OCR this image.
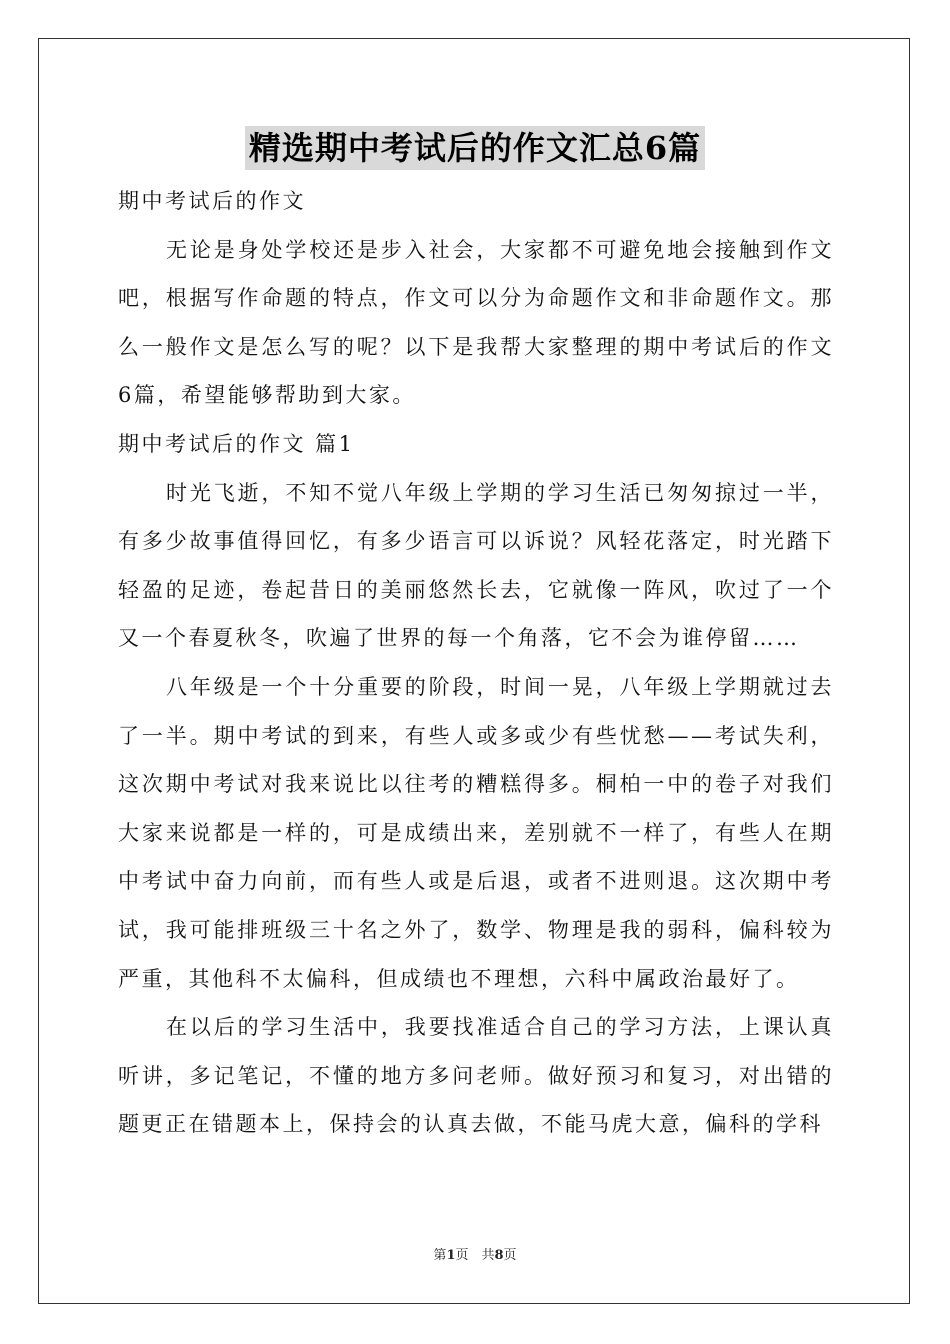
精选期中考试后的作文汇总6篇

期中考试后的作文

无论是身处学校还是步入社会，大家都不可避免地会接触到作文吧，根据写作命题的特点，作文可以分为命题作文和非命题作文。那么一般作文是怎么写的呢？以下是我帮大家整理的期中考试后的作文6篇，希望能够帮助到大家。

期中考试后的作文 篇1

时光飞逝，不知不觉八年级上学期的学习生活已匆匆掠过一半，有多少故事值得回忆，有多少语言可以诉说？风轻花落定，时光踏下轻盈的足迹，卷起昔日的美丽悠然长去，它就像一阵风，吹过了一个又一个春夏秋冬，吹遍了世界的每一个角落，它不会为谁停留……

八年级是一个十分重要的阶段，时间一晃，八年级上学期就过去了一半。期中考试的到来，有些人或多或少有些忧愁——考试失利，这次期中考试对我来说比以往考的糟糕得多。桐柏一中的卷子对我们大家来说都是一样的，可是成绩出来，差别就不一样了，有些人在期中考试中奋力向前，而有些人或是后退，或者不进则退。这次期中考试，我可能排班级三十名之外了，数学、物理是我的弱科，偏科较为严重，其他科不太偏科，但成绩也不理想，六科中属政治最好了。

在以后的学习生活中，我要找准适合自己的学习方法，上课认真听讲，多记笔记，不懂的地方多问老师。做好预习和复习，对出错的题更正在错题本上，保持会的认真去做，不能马虎大意，偏科的学科

第1页　共8页
